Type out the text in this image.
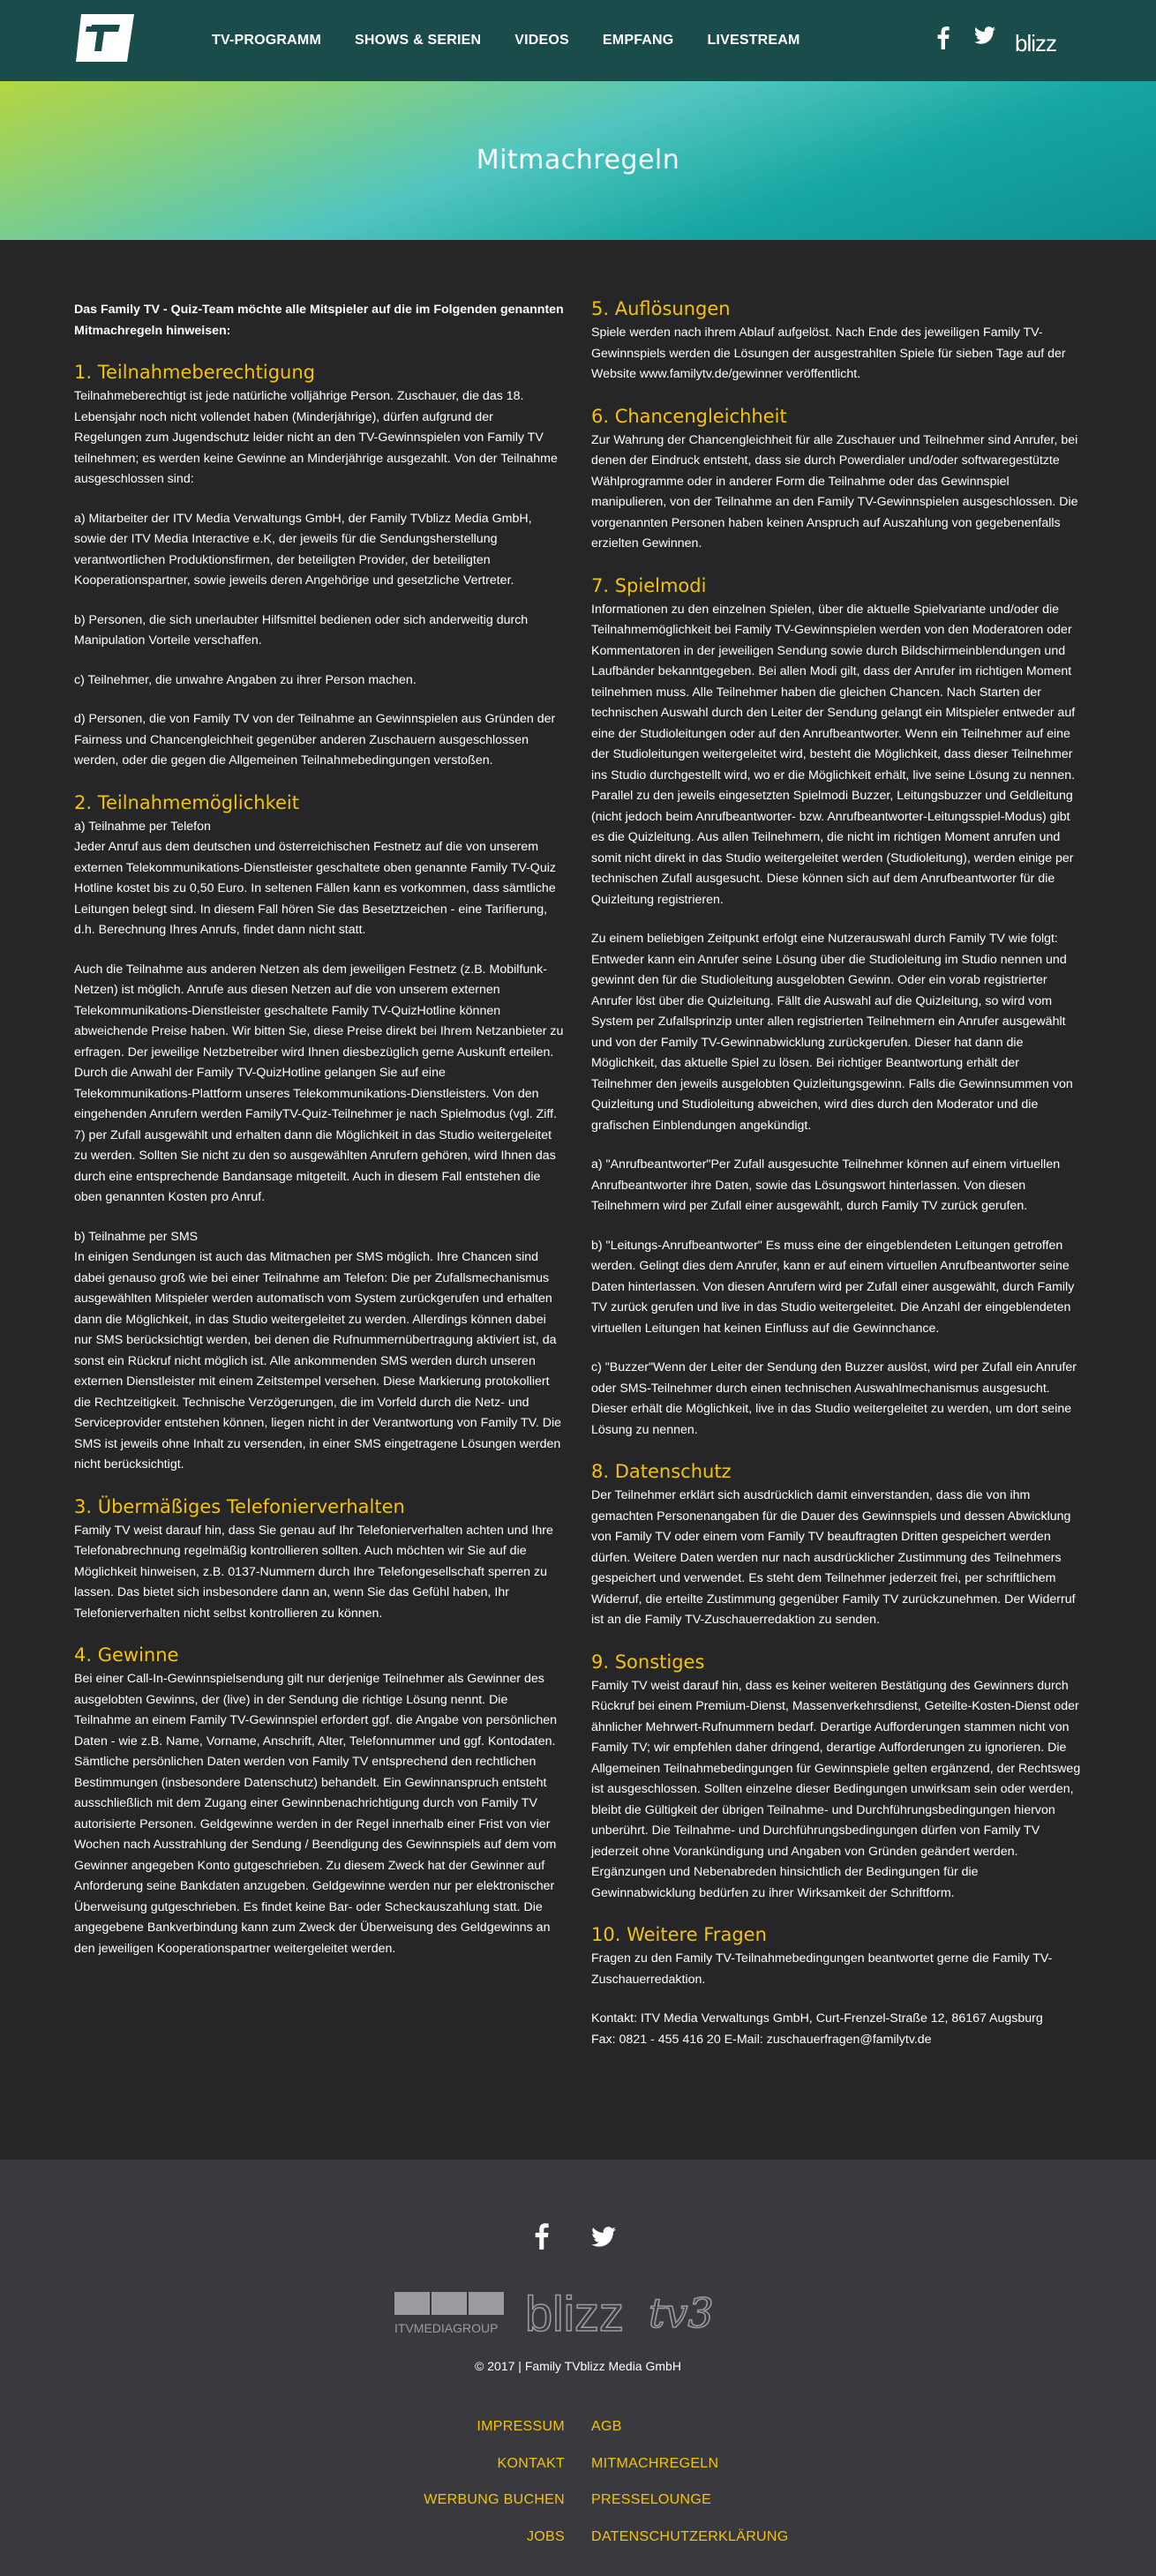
TV-PROGRAMM SHOWS & SERIEN VIDEOS EMPFANG LIVESTREAM	blizz
Mitmachregeln

Das Family TV - Quiz-Team möchte alle Mitspieler auf die im Folgenden genannten Mitmachregeln hinweisen:

1. Teilnahmeberechtigung

Teilnahmeberechtigt ist jede natürliche volljährige Person. Zuschauer, die das 18. Lebensjahr noch nicht vollendet haben (Minderjährige), dürfen aufgrund der Regelungen zum Jugendschutz leider nicht an den TV-Gewinnspielen von Family TV teilnehmen; es werden keine Gewinne an Minderjährige ausgezahlt. Von der Teilnahme ausgeschlossen sind:

a) Mitarbeiter der ITV Media Verwaltungs GmbH, der Family TVblizz Media GmbH, sowie der ITV Media Interactive e.K, der jeweils für die Sendungsherstellung verantwortlichen Produktionsfirmen, der beteiligten Provider, der beteiligten Kooperationspartner, sowie jeweils deren Angehörige und gesetzliche Vertreter.

b) Personen, die sich unerlaubter Hilfsmittel bedienen oder sich anderweitig durch Manipulation Vorteile verschaffen.

c) Teilnehmer, die unwahre Angaben zu ihrer Person machen.

d) Personen, die von Family TV von der Teilnahme an Gewinnspielen aus Gründen der Fairness und Chancengleichheit gegenüber anderen Zuschauern ausgeschlossen werden, oder die gegen die Allgemeinen Teilnahmebedingungen verstoßen.

2. Teilnahmemöglichkeit

a) Teilnahme per Telefon
Jeder Anruf aus dem deutschen und österreichischen Festnetz auf die von unserem externen Telekommunikations-Dienstleister geschaltete oben genannte Family TV-Quiz Hotline kostet bis zu 0,50 Euro. In seltenen Fällen kann es vorkommen, dass sämtliche Leitungen belegt sind. In diesem Fall hören Sie das Besetztzeichen - eine Tarifierung, d.h. Berechnung Ihres Anrufs, findet dann nicht statt.

Auch die Teilnahme aus anderen Netzen als dem jeweiligen Festnetz (z.B. Mobilfunk-Netzen) ist möglich. Anrufe aus diesen Netzen auf die von unserem externen Telekommunikations-Dienstleister geschaltete Family TV-QuizHotline können abweichende Preise haben. Wir bitten Sie, diese Preise direkt bei Ihrem Netzanbieter zu erfragen. Der jeweilige Netzbetreiber wird Ihnen diesbezüglich gerne Auskunft erteilen.
Durch die Anwahl der Family TV-QuizHotline gelangen Sie auf eine Telekommunikations-Plattform unseres Telekommunikations-Dienstleisters. Von den eingehenden Anrufern werden FamilyTV-Quiz-Teilnehmer je nach Spielmodus (vgl. Ziff. 7) per Zufall ausgewählt und erhalten dann die Möglichkeit in das Studio weitergeleitet zu werden. Sollten Sie nicht zu den so ausgewählten Anrufern gehören, wird Ihnen das durch eine entsprechende Bandansage mitgeteilt. Auch in diesem Fall entstehen die oben genannten Kosten pro Anruf.

b) Teilnahme per SMS
In einigen Sendungen ist auch das Mitmachen per SMS möglich. Ihre Chancen sind dabei genauso groß wie bei einer Teilnahme am Telefon: Die per Zufallsmechanismus ausgewählten Mitspieler werden automatisch vom System zurückgerufen und erhalten dann die Möglichkeit, in das Studio weitergeleitet zu werden. Allerdings können dabei nur SMS berücksichtigt werden, bei denen die Rufnummernübertragung aktiviert ist, da sonst ein Rückruf nicht möglich ist. Alle ankommenden SMS werden durch unseren externen Dienstleister mit einem Zeitstempel versehen. Diese Markierung protokolliert die Rechtzeitigkeit. Technische Verzögerungen, die im Vorfeld durch die Netz- und Serviceprovider entstehen können, liegen nicht in der Verantwortung von Family TV. Die SMS ist jeweils ohne Inhalt zu versenden, in einer SMS eingetragene Lösungen werden nicht berücksichtigt.

3. Übermäßiges Telefonierverhalten

Family TV weist darauf hin, dass Sie genau auf Ihr Telefonierverhalten achten und Ihre Telefonabrechnung regelmäßig kontrollieren sollten. Auch möchten wir Sie auf die Möglichkeit hinweisen, z.B. 0137-Nummern durch Ihre Telefongesellschaft sperren zu lassen. Das bietet sich insbesondere dann an, wenn Sie das Gefühl haben, Ihr Telefonierverhalten nicht selbst kontrollieren zu können.

4. Gewinne

Bei einer Call-In-Gewinnspielsendung gilt nur derjenige Teilnehmer als Gewinner des ausgelobten Gewinns, der (live) in der Sendung die richtige Lösung nennt. Die Teilnahme an einem Family TV-Gewinnspiel erfordert ggf. die Angabe von persönlichen Daten - wie z.B. Name, Vorname, Anschrift, Alter, Telefonnummer und ggf. Kontodaten. Sämtliche persönlichen Daten werden von Family TV entsprechend den rechtlichen Bestimmungen (insbesondere Datenschutz) behandelt. Ein Gewinnanspruch entsteht ausschließlich mit dem Zugang einer Gewinnbenachrichtigung durch von Family TV autorisierte Personen. Geldgewinne werden in der Regel innerhalb einer Frist von vier Wochen nach Ausstrahlung der Sendung / Beendigung des Gewinnspiels auf dem vom Gewinner angegeben Konto gutgeschrieben. Zu diesem Zweck hat der Gewinner auf Anforderung seine Bankdaten anzugeben. Geldgewinne werden nur per elektronischer Überweisung gutgeschrieben. Es findet keine Bar- oder Scheckauszahlung statt. Die angegebene Bankverbindung kann zum Zweck der Überweisung des Geldgewinns an den jeweiligen Kooperationspartner weitergeleitet werden.

5. Auflösungen

Spiele werden nach ihrem Ablauf aufgelöst. Nach Ende des jeweiligen Family TV-Gewinnspiels werden die Lösungen der ausgestrahlten Spiele für sieben Tage auf der Website www.familytv.de/gewinner veröffentlicht.

6. Chancengleichheit

Zur Wahrung der Chancengleichheit für alle Zuschauer und Teilnehmer sind Anrufer, bei denen der Eindruck entsteht, dass sie durch Powerdialer und/oder softwaregestützte Wählprogramme oder in anderer Form die Teilnahme oder das Gewinnspiel manipulieren, von der Teilnahme an den Family TV-Gewinnspielen ausgeschlossen. Die vorgenannten Personen haben keinen Anspruch auf Auszahlung von gegebenenfalls erzielten Gewinnen.

7. Spielmodi

Informationen zu den einzelnen Spielen, über die aktuelle Spielvariante und/oder die Teilnahmemöglichkeit bei Family TV-Gewinnspielen werden von den Moderatoren oder Kommentatoren in der jeweiligen Sendung sowie durch Bildschirmeinblendungen und Laufbänder bekanntgegeben. Bei allen Modi gilt, dass der Anrufer im richtigen Moment teilnehmen muss. Alle Teilnehmer haben die gleichen Chancen. Nach Starten der technischen Auswahl durch den Leiter der Sendung gelangt ein Mitspieler entweder auf eine der Studioleitungen oder auf den Anrufbeantworter. Wenn ein Teilnehmer auf eine der Studioleitungen weitergeleitet wird, besteht die Möglichkeit, dass dieser Teilnehmer ins Studio durchgestellt wird, wo er die Möglichkeit erhält, live seine Lösung zu nennen. Parallel zu den jeweils eingesetzten Spielmodi Buzzer, Leitungsbuzzer und Geldleitung (nicht jedoch beim Anrufbeantworter- bzw. Anrufbeantworter-Leitungsspiel-Modus) gibt es die Quizleitung. Aus allen Teilnehmern, die nicht im richtigen Moment anrufen und somit nicht direkt in das Studio weitergeleitet werden (Studioleitung), werden einige per technischen Zufall ausgesucht. Diese können sich auf dem Anrufbeantworter für die Quizleitung registrieren.

Zu einem beliebigen Zeitpunkt erfolgt eine Nutzerauswahl durch Family TV wie folgt: Entweder kann ein Anrufer seine Lösung über die Studioleitung im Studio nennen und gewinnt den für die Studioleitung ausgelobten Gewinn. Oder ein vorab registrierter Anrufer löst über die Quizleitung. Fällt die Auswahl auf die Quizleitung, so wird vom System per Zufallsprinzip unter allen registrierten Teilnehmern ein Anrufer ausgewählt und von der Family TV-Gewinnabwicklung zurückgerufen. Dieser hat dann die Möglichkeit, das aktuelle Spiel zu lösen. Bei richtiger Beantwortung erhält der Teilnehmer den jeweils ausgelobten Quizleitungsgewinn. Falls die Gewinnsummen von Quizleitung und Studioleitung abweichen, wird dies durch den Moderator und die grafischen Einblendungen angekündigt.

a) "Anrufbeantworter"Per Zufall ausgesuchte Teilnehmer können auf einem virtuellen Anrufbeantworter ihre Daten, sowie das Lösungswort hinterlassen. Von diesen Teilnehmern wird per Zufall einer ausgewählt, durch Family TV zurück gerufen.

b) "Leitungs-Anrufbeantworter" Es muss eine der eingeblendeten Leitungen getroffen werden. Gelingt dies dem Anrufer, kann er auf einem virtuellen Anrufbeantworter seine Daten hinterlassen. Von diesen Anrufern wird per Zufall einer ausgewählt, durch Family TV zurück gerufen und live in das Studio weitergeleitet. Die Anzahl der eingeblendeten virtuellen Leitungen hat keinen Einfluss auf die Gewinnchance.

c) "Buzzer"Wenn der Leiter der Sendung den Buzzer auslöst, wird per Zufall ein Anrufer oder SMS-Teilnehmer durch einen technischen Auswahlmechanismus ausgesucht. Dieser erhält die Möglichkeit, live in das Studio weitergeleitet zu werden, um dort seine Lösung zu nennen.

8. Datenschutz

Der Teilnehmer erklärt sich ausdrücklich damit einverstanden, dass die von ihm gemachten Personenangaben für die Dauer des Gewinnspiels und dessen Abwicklung von Family TV oder einem vom Family TV beauftragten Dritten gespeichert werden dürfen. Weitere Daten werden nur nach ausdrücklicher Zustimmung des Teilnehmers gespeichert und verwendet. Es steht dem Teilnehmer jederzeit frei, per schriftlichem Widerruf, die erteilte Zustimmung gegenüber Family TV zurückzunehmen. Der Widerruf ist an die Family TV-Zuschauerredaktion zu senden.

9. Sonstiges

Family TV weist darauf hin, dass es keiner weiteren Bestätigung des Gewinners durch Rückruf bei einem Premium-Dienst, Massenverkehrsdienst, Geteilte-Kosten-Dienst oder ähnlicher Mehrwert-Rufnummern bedarf. Derartige Aufforderungen stammen nicht von Family TV; wir empfehlen daher dringend, derartige Aufforderungen zu ignorieren. Die Allgemeinen Teilnahmebedingungen für Gewinnspiele gelten ergänzend, der Rechtsweg ist ausgeschlossen. Sollten einzelne dieser Bedingungen unwirksam sein oder werden, bleibt die Gültigkeit der übrigen Teilnahme- und Durchführungsbedingungen hiervon unberührt. Die Teilnahme- und Durchführungsbedingungen dürfen von Family TV jederzeit ohne Vorankündigung und Angaben von Gründen geändert werden. Ergänzungen und Nebenabreden hinsichtlich der Bedingungen für die Gewinnabwicklung bedürfen zu ihrer Wirksamkeit der Schriftform.

10. Weitere Fragen

Fragen zu den Family TV-Teilnahmebedingungen beantwortet gerne die Family TV-Zuschauerredaktion.

Kontakt: ITV Media Verwaltungs GmbH, Curt-Frenzel-Straße 12, 86167 Augsburg
Fax: 0821 - 455 416 20 E-Mail: zuschauerfragen@familytv.de

ITVMEDIAGROUP blizz tv3
© 2017 | Family TVblizz Media GmbH
IMPRESSUM
KONTAKT
WERBUNG BUCHEN
JOBS
AGB
MITMACHREGELN
PRESSELOUNGE
DATENSCHUTZERKLÄRUNG
